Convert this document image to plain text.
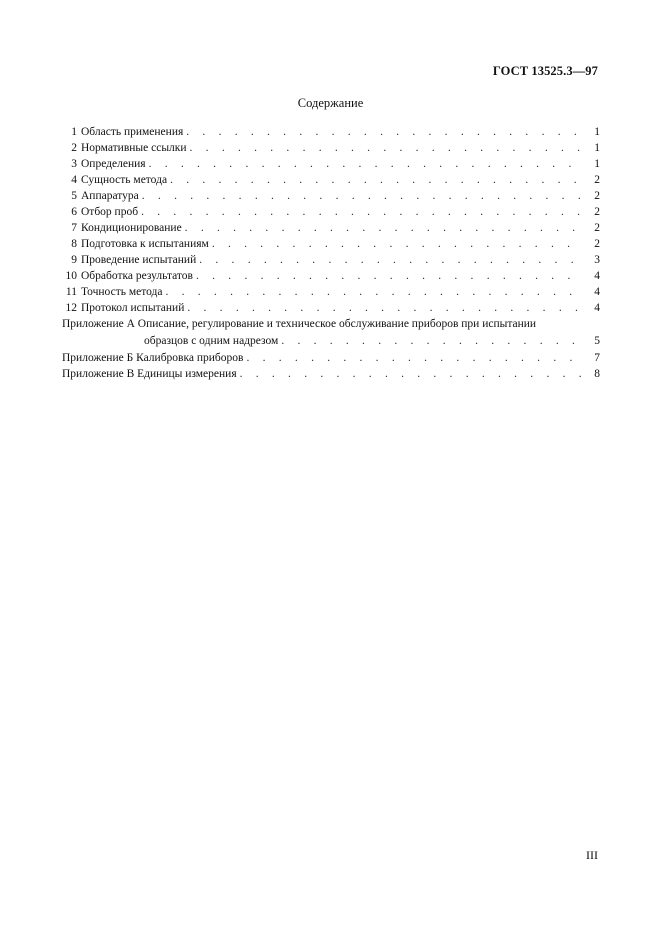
ГОСТ 13525.3—97
Содержание
1 Область применения . . .	1
2 Нормативные ссылки . . .	1
3 Определения . . .	1
4 Сущность метода . . .	2
5 Аппаратура . . .	2
6 Отбор проб . . .	2
7 Кондиционирование . . .	2
8 Подготовка к испытаниям . . .	2
9 Проведение испытаний . . .	3
10 Обработка результатов . . .	4
11 Точность метода . . .	4
12 Протокол испытаний . . .	4
Приложение А Описание, регулирование и техническое обслуживание приборов при испытании
образцов с одним надрезом . . .	5
Приложение Б Калибровка приборов . . .	7
Приложение В Единицы измерения . . .	8
III
